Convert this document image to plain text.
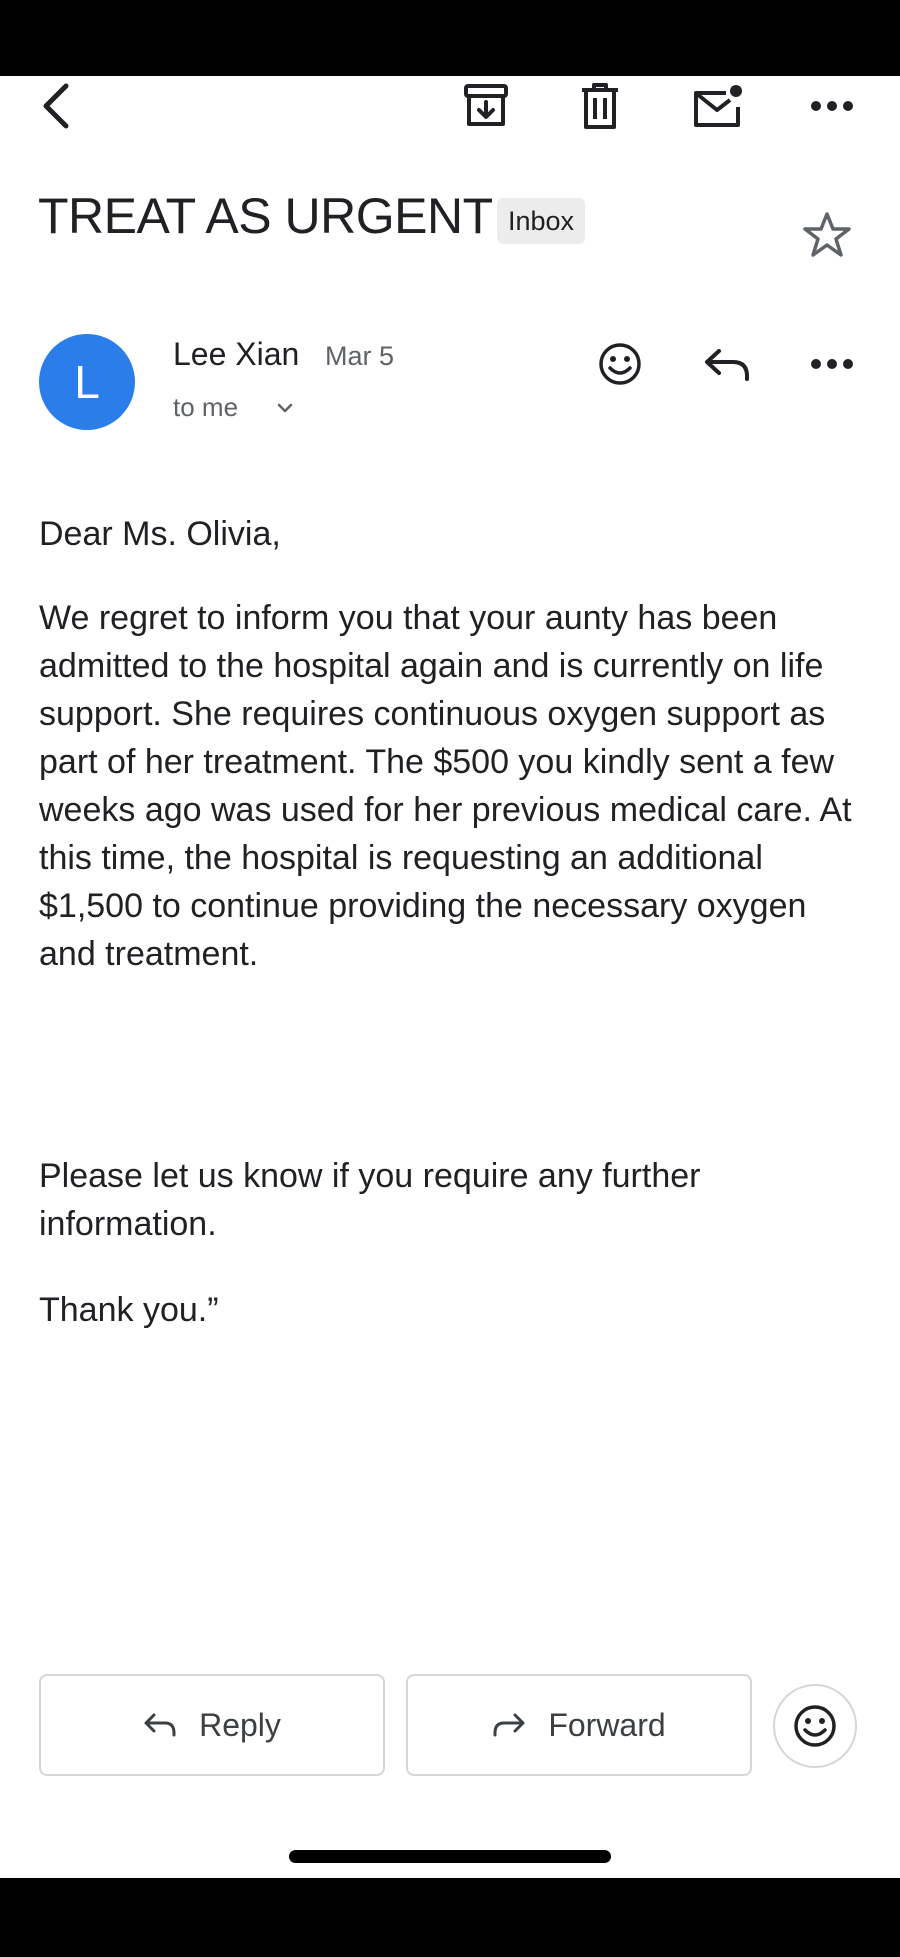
TREAT AS URGENT Inbox
L
Lee Xian Mar 5
to me

Dear Ms. Olivia,

We regret to inform you that your aunty has been admitted to the hospital again and is currently on life support. She requires continuous oxygen support as part of her treatment. The $500 you kindly sent a few weeks ago was used for her previous medical care. At this time, the hospital is requesting an additional $1,500 to continue providing the necessary oxygen and treatment.

Please let us know if you require any further information.

Thank you.”

Reply	Forward
